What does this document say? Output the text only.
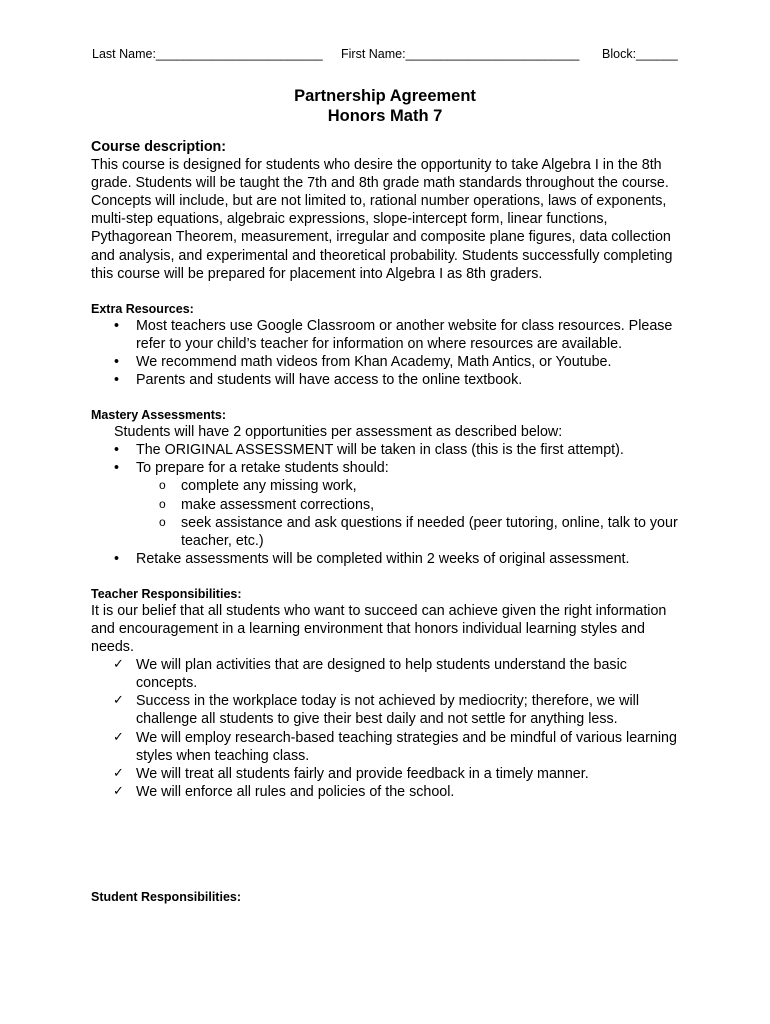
Last Name:________________________ First Name:_________________________ Block:______
Partnership Agreement
Honors Math 7

Course description:

This course is designed for students who desire the opportunity to take Algebra I in the 8th grade. Students will be taught the 7th and 8th grade math standards throughout the course. Concepts will include, but are not limited to, rational number operations, laws of exponents, multi-step equations, algebraic expressions, slope-intercept form, linear functions, Pythagorean Theorem, measurement, irregular and composite plane figures, data collection and analysis, and experimental and theoretical probability. Students successfully completing this course will be prepared for placement into Algebra I as 8th graders.

Extra Resources:

• Most teachers use Google Classroom or another website for class resources. Please refer to your child’s teacher for information on where resources are available.
• We recommend math videos from Khan Academy, Math Antics, or Youtube.
• Parents and students will have access to the online textbook.

Mastery Assessments:

Students will have 2 opportunities per assessment as described below:

• The ORIGINAL ASSESSMENT will be taken in class (this is the first attempt).
• To prepare for a retake students should:
o complete any missing work,
o make assessment corrections,
o seek assistance and ask questions if needed (peer tutoring, online, talk to your teacher, etc.)
• Retake assessments will be completed within 2 weeks of original assessment.

Teacher Responsibilities:

It is our belief that all students who want to succeed can achieve given the right information and encouragement in a learning environment that honors individual learning styles and needs.

✓ We will plan activities that are designed to help students understand the basic concepts.
✓ Success in the workplace today is not achieved by mediocrity; therefore, we will challenge all students to give their best daily and not settle for anything less.
✓ We will employ research-based teaching strategies and be mindful of various learning styles when teaching class.
✓ We will treat all students fairly and provide feedback in a timely manner.
✓ We will enforce all rules and policies of the school.

Student Responsibilities:
